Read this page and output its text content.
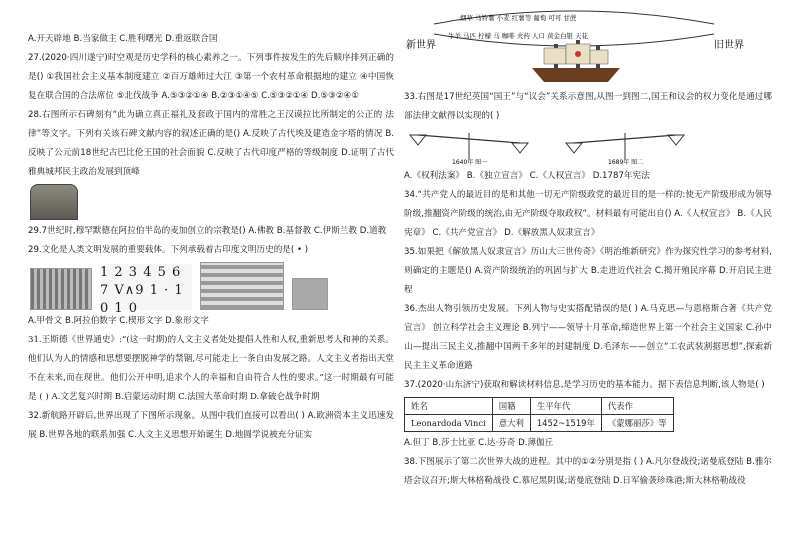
新世界	旧世界
烟草 马铃薯 小麦 红薯等 葡萄 可可 甘蔗
牛羊 马匹 柠檬 马 咖啡 火药 人口 黄金白银 天花

A.开天辟地 B.当家做主 C.胜利曙光 D.重返联合国

27.(2020·四川遂宁)时空观是历史学科的核心素养之一。下列事件按发生的先后顺序排列正确的是() ①我国社会主义基本制度建立 ②百万雄师过大江 ③第一个农村革命根据地的建立 ④中国恢复在联合国的合法席位 ⑤北伐战争 A.⑤③②①④ B.②③①④⑤ C.⑤③②①④ D.⑤③②④①

28.右图所示石碑刻有“此为确立真正福礼及套政于国内的常胜之王汉谟拉比所制定的公正的 法律”等文字。下列有关该石碑文献内容的叙述正确的是() A.反映了古代埃及建造金字塔的情况 B.反映了公元前18世纪古巴比伦王国的社会面貌 C.反映了古代印度严格的等级制度 D.证明了古代雅典城邦民主政治发展到顶峰

29.7世纪时,穆罕默德在阿拉伯半岛的麦加创立的宗教是() A.佛教 B.基督教 C.伊斯兰教 D.道教

29.文化是人类文明发展的重要载体。下列承载着古印度文明历史的是( • )

1 2 3 4 5 6 7 V∧9 1 · 1 0 1 0

A.甲骨文 B.阿拉伯数字 C.楔形文字 D.象形文字

31.王斯德《世界通史》:“(这一时期)的人文主义者处处提倡人性和人权,重新思考人和神的关系。他们认为人的情感和思想要摆脱神学的禁锢,尽可能走上一条自由发展之路。人文主义者指出天堂不在未来,而在现世。他们公开申明,追求个人的幸福和自由符合人性的要求。”这一时期最有可能是 ( ) A.文艺复兴时期 B.启蒙运动时期 C.法国大革命时期 D.拿破仑战争时期

32.新航路开辟后,世界出现了下图所示现象。从图中我们直接可以看出( ) A.欧洲资本主义迅速发展 B.世界各地的联系加强 C.人文主义思想开始诞生 D.地圆学说被充分证实

33.右图是17世纪英国“国王”与“议会”关系示意图,从图一到图二,国王和议会的权力变化是通过哪部法律文献得以实现的( )

1640年 图一	1689年 图二

A.《权利法案》 B.《独立宣言》 C.《人权宣言》 D.1787年宪法

34.“共产党人的最近目的是和其他一切无产阶级政党的最近目的是一样的:使无产阶级形成为领导阶级,推翻资产阶级的统治,由无产阶级夺取政权”。材料最有可能出自() A.《人权宣言》 B.《人民宪章》 C.《共产党宣言》 D.《解放黑人奴隶宣言》

35.如果把《解放黑人奴隶宣言》历山大三世传奇》《明治维新研究》作为探究性学习的参考材料,则确定的主题是() A.资产阶级统治的巩固与扩大 B.走进近代社会 C.揭开殖民序幕 D.开启民主进程

36.杰出人物引领历史发展。下列人物与史实搭配错误的是( ) A.马克思—与恩格斯合著《共产党宣言》 创立科学社会主义理论 B.列宁——领导十月革命,缔造世界上第一个社会主义国家 C.孙中山—提出三民主义,推翻中国两千多年的封建制度 D.毛泽东——创立“工农武装割据思想”,探索新民主主义革命道路

37.(2020·山东济宁)获取和解读材料信息,是学习历史的基本能力。据下表信息判断,该人物是( )

姓名	国籍	生平年代	代表作
Leonardoda Vinci	意大利	1452~1519年	《蒙娜丽莎》等

A.但丁 B.莎士比亚 C.达·芬奇 D.薄伽丘

38.下图展示了第二次世界大战的进程。其中的①②分别是指 ( ) A.凡尔登战役;诺曼底登陆 B.雅尔塔会议召开;斯大林格勒战役 C.慕尼黑阴谋;诺曼底登陆 D.日军偷袭珍珠港;斯大林格勒战役
